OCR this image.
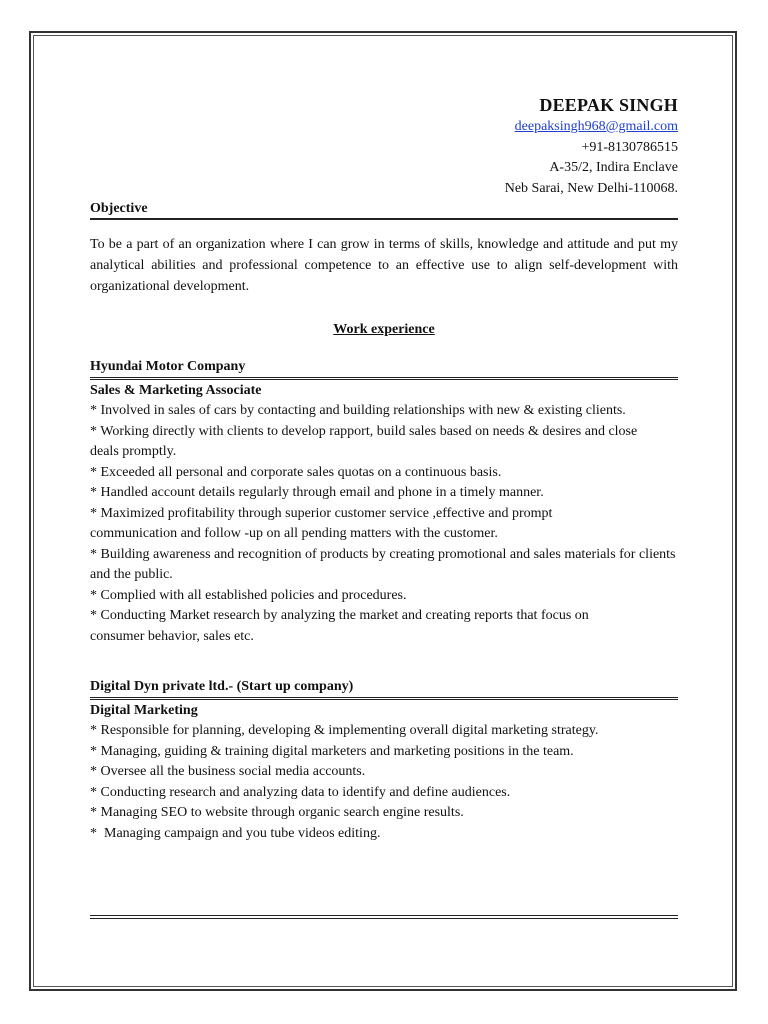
DEEPAK SINGH
deepaksingh968@gmail.com
+91-8130786515
A-35/2, Indira Enclave
Neb Sarai, New Delhi-110068.
Objective
To be a part of an organization where I can grow in terms of skills, knowledge and attitude and put my analytical abilities and professional competence to an effective use to align self-development with organizational development.
Work experience
Hyundai Motor Company
Sales & Marketing Associate
* Involved in sales of cars by contacting and building relationships with new & existing clients.
* Working directly with clients to develop rapport, build sales based on needs & desires and close deals promptly.
* Exceeded all personal and corporate sales quotas on a continuous basis.
* Handled account details regularly through email and phone in a timely manner.
* Maximized profitability through superior customer service ,effective and prompt communication and follow -up on all pending matters with the customer.
* Building awareness and recognition of products by creating promotional and sales materials for clients and the public.
* Complied with all established policies and procedures.
* Conducting Market research by analyzing the market and creating reports that focus on consumer behavior, sales etc.
Digital Dyn private ltd.- (Start up company)
Digital Marketing
* Responsible for planning, developing & implementing overall digital marketing strategy.
* Managing, guiding & training digital marketers and marketing positions in the team.
* Oversee all the business social media accounts.
* Conducting research and analyzing data to identify and define audiences.
* Managing SEO to website through organic search engine results.
*  Managing campaign and you tube videos editing.
